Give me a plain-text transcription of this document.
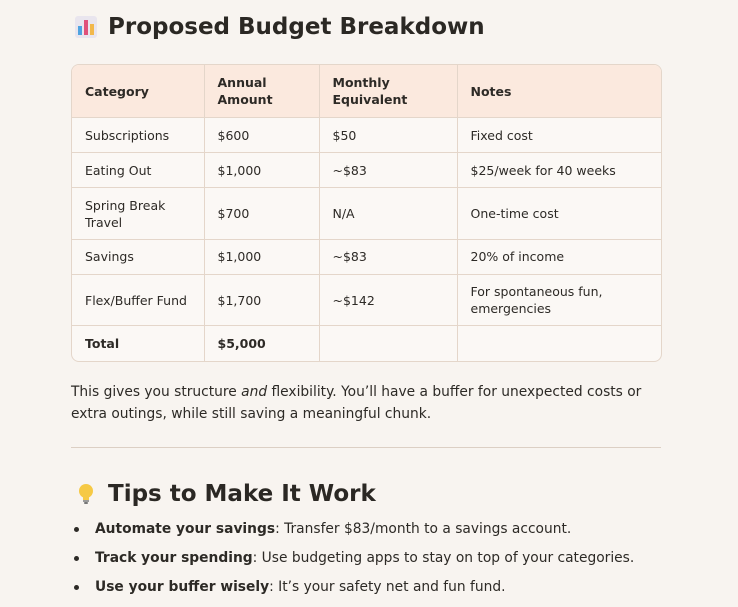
Proposed Budget Breakdown
Category	Annual Amount	Monthly Equivalent	Notes
Subscriptions	$600	$50	Fixed cost
Eating Out	$1,000	~$83	$25/week for 40 weeks
Spring Break Travel	$700	N/A	One-time cost
Savings	$1,000	~$83	20% of income
Flex/Buffer Fund	$1,700	~$142	For spontaneous fun, emergencies
Total	$5,000		

This gives you structure and flexibility. You’ll have a buffer for unexpected costs or extra outings, while still saving a meaningful chunk.

Tips to Make It Work
Automate your savings: Transfer $83/month to a savings account.
Track your spending: Use budgeting apps to stay on top of your categories.
Use your buffer wisely: It’s your safety net and fun fund.
